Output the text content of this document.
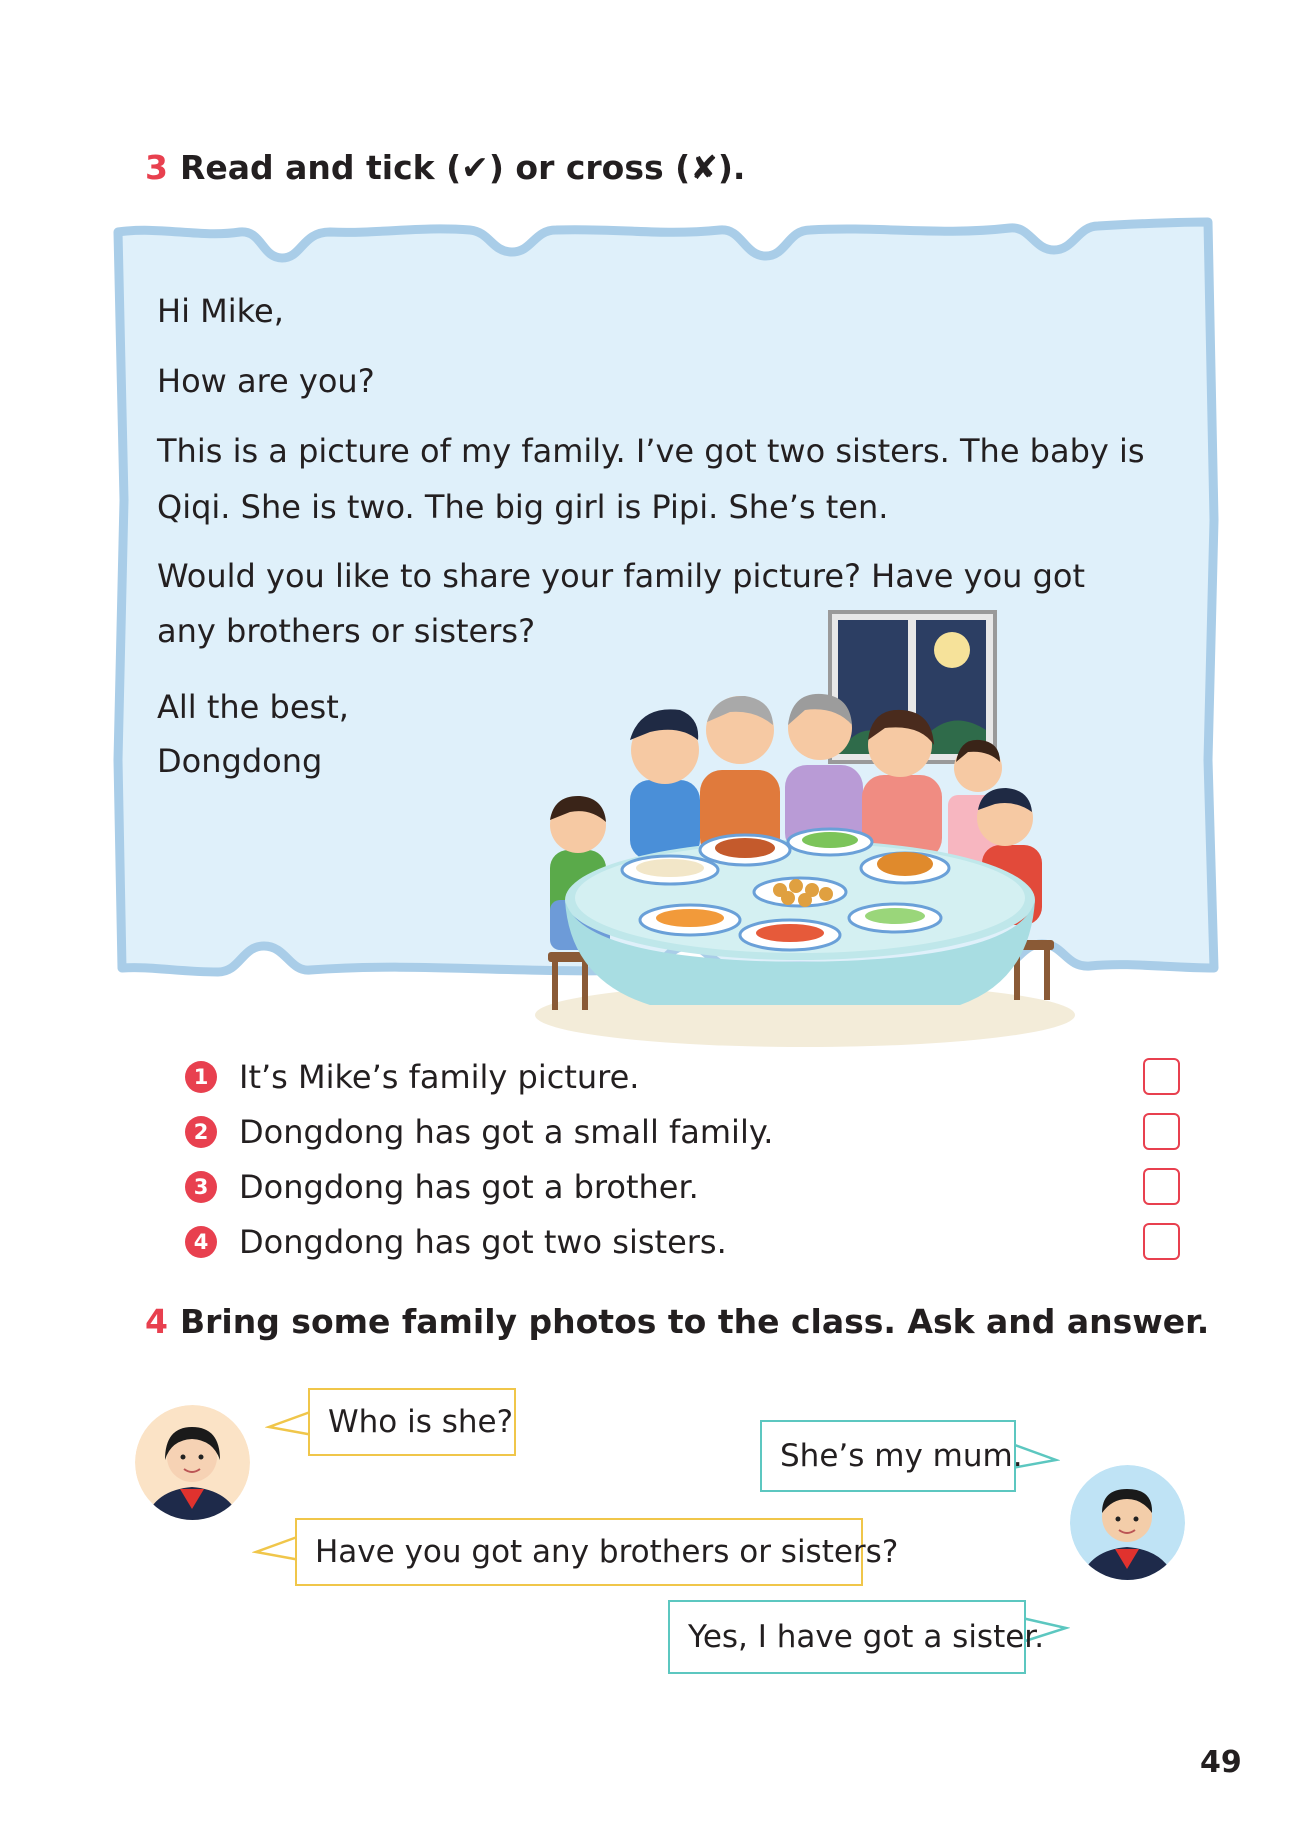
3 Read and tick (✔) or cross (✘).
Hi Mike,
How are you?
This is a picture of my family. I’ve got two sisters. The baby is
Qiqi. She is two. The big girl is Pipi. She’s ten.
Would you like to share your family picture? Have you got
any brothers or sisters?
All the best,
Dongdong
1 It’s Mike’s family picture.
2 Dongdong has got a small family.
3 Dongdong has got a brother.
4 Dongdong has got two sisters.
4 Bring some family photos to the class. Ask and answer.
Who is she?
She’s my mum.
Have you got any brothers or sisters?
Yes, I have got a sister.
49
